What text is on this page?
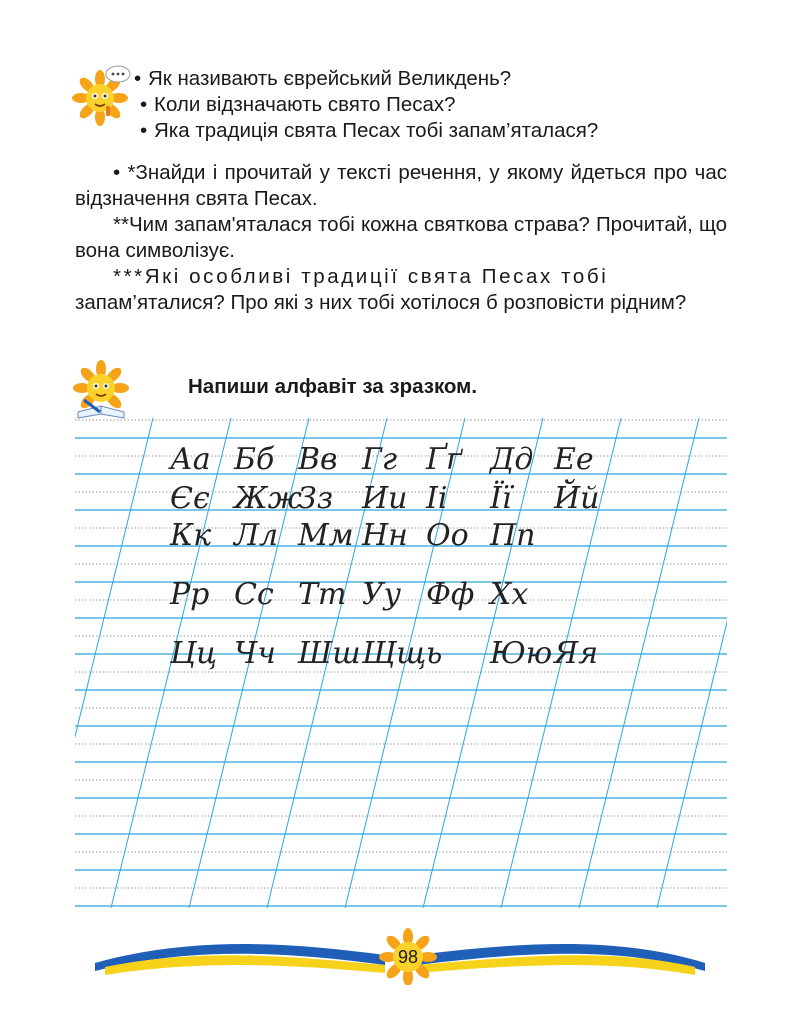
• Як називають єврейський Великдень?
• Коли відзначають свято Песах?
• Яка традиція свята Песах тобі запам’яталася?

• *Знайди і прочитай у тексті речення, у якому йдеться про час відзначення свята Песах.

**Чим запам'яталася тобі кожна святкова страва? Прочитай, що вона символізує.

***Які особливі традиції свята Песах тобі

запам’яталися? Про які з них тобі хотілося б розповісти рідним?

Напиши алфавіт за зразком.
Аа Бб Вв Гг Ґґ Дд Ее
Єє Жж
Зз Ии Іі Її Йй
Кк Лл Мм Нн Оо Пп
Рр Сс Тт Уу Фф Хх
Цц Чч Шш Щщ ь Юю Яя
98
